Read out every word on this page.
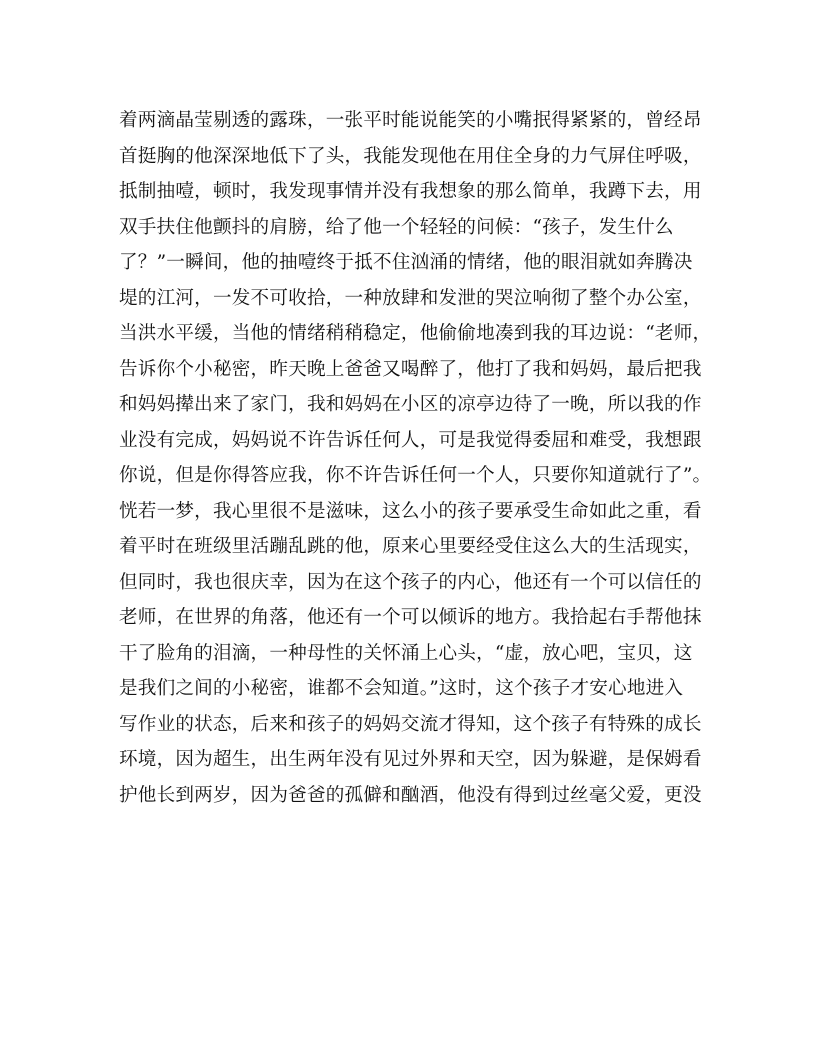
着两滴晶莹剔透的露珠，一张平时能说能笑的小嘴抿得紧紧的，曾经昂
首挺胸的他深深地低下了头，我能发现他在用住全身的力气屏住呼吸，
抵制抽噎，顿时，我发现事情并没有我想象的那么简单，我蹲下去，用
双手扶住他颤抖的肩膀，给了他一个轻轻的问候：“孩子，发生什么
了？”一瞬间，他的抽噎终于抵不住汹涌的情绪，他的眼泪就如奔腾决
堤的江河，一发不可收拾，一种放肆和发泄的哭泣响彻了整个办公室，
当洪水平缓，当他的情绪稍稍稳定，他偷偷地凑到我的耳边说：“老师，
告诉你个小秘密，昨天晚上爸爸又喝醉了，他打了我和妈妈，最后把我
和妈妈撵出来了家门，我和妈妈在小区的凉亭边待了一晚，所以我的作
业没有完成，妈妈说不许告诉任何人，可是我觉得委屈和难受，我想跟
你说，但是你得答应我，你不许告诉任何一个人，只要你知道就行了”。
恍若一梦，我心里很不是滋味，这么小的孩子要承受生命如此之重，看
着平时在班级里活蹦乱跳的他，原来心里要经受住这么大的生活现实，
但同时，我也很庆幸，因为在这个孩子的内心，他还有一个可以信任的
老师，在世界的角落，他还有一个可以倾诉的地方。我拾起右手帮他抹
干了脸角的泪滴，一种母性的关怀涌上心头，“虚，放心吧，宝贝，这
是我们之间的小秘密，谁都不会知道。”这时，这个孩子才安心地进入
写作业的状态，后来和孩子的妈妈交流才得知，这个孩子有特殊的成长
环境，因为超生，出生两年没有见过外界和天空，因为躲避，是保姆看
护他长到两岁，因为爸爸的孤僻和酗酒，他没有得到过丝毫父爱，更没
